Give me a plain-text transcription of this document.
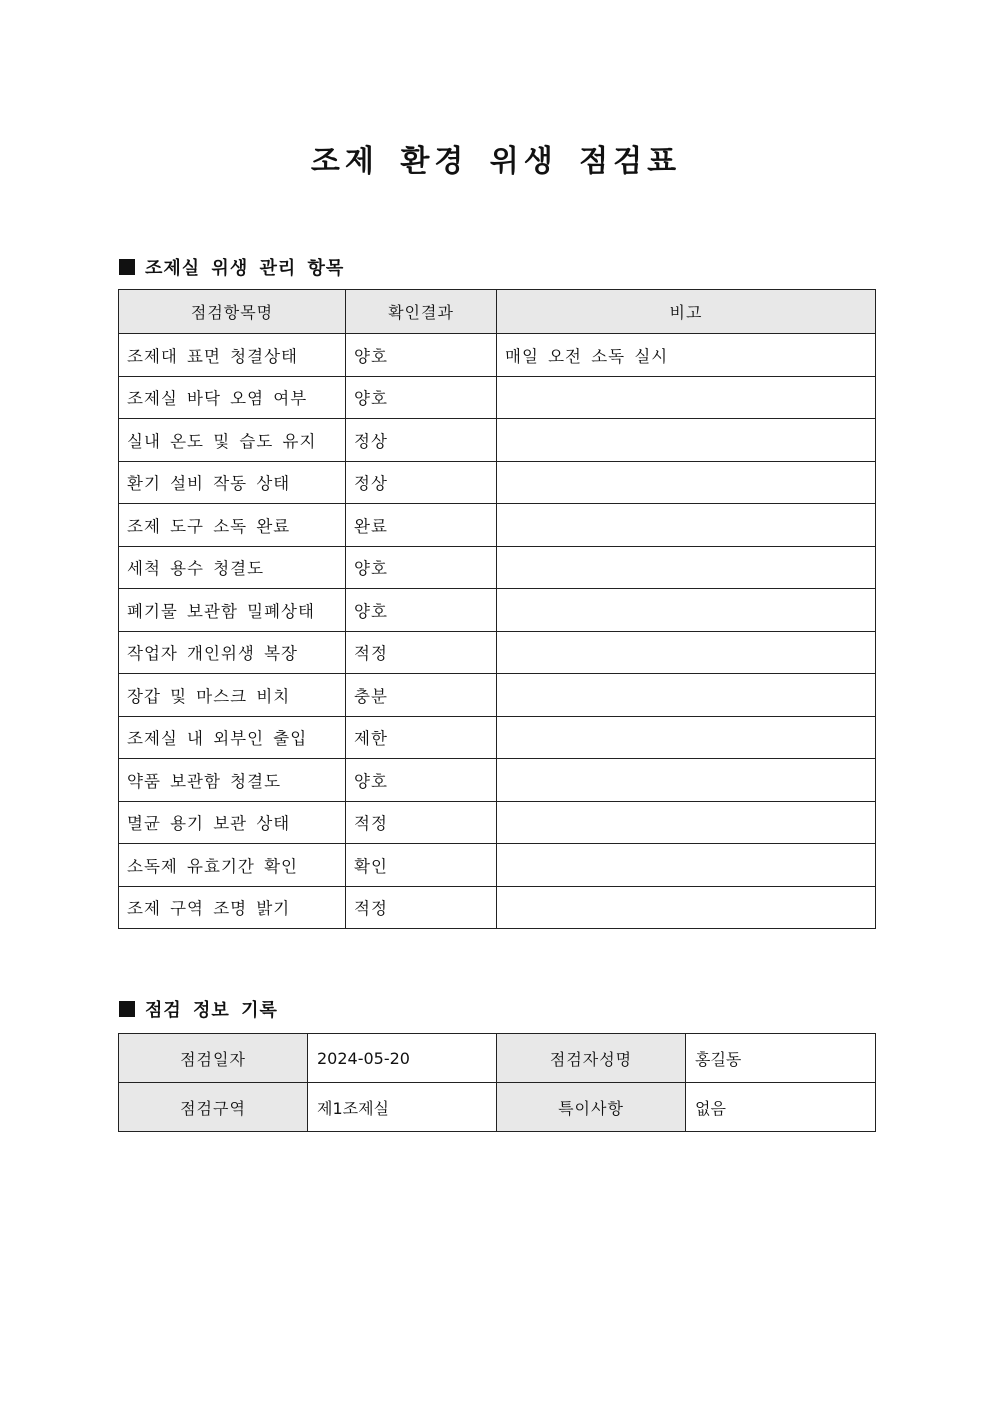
조제 환경 위생 점검표
조제실 위생 관리 항목
점검항목명	확인결과	비고
조제대 표면 청결상태	양호	매일 오전 소독 실시
조제실 바닥 오염 여부	양호	
실내 온도 및 습도 유지	정상	
환기 설비 작동 상태	정상	
조제 도구 소독 완료	완료	
세척 용수 청결도	양호	
폐기물 보관함 밀폐상태	양호	
작업자 개인위생 복장	적정	
장갑 및 마스크 비치	충분	
조제실 내 외부인 출입	제한	
약품 보관함 청결도	양호	
멸균 용기 보관 상태	적정	
소독제 유효기간 확인	확인	
조제 구역 조명 밝기	적정	
점검 정보 기록
점검일자	2024-05-20	점검자성명	홍길동
점검구역	제1조제실	특이사항	없음
